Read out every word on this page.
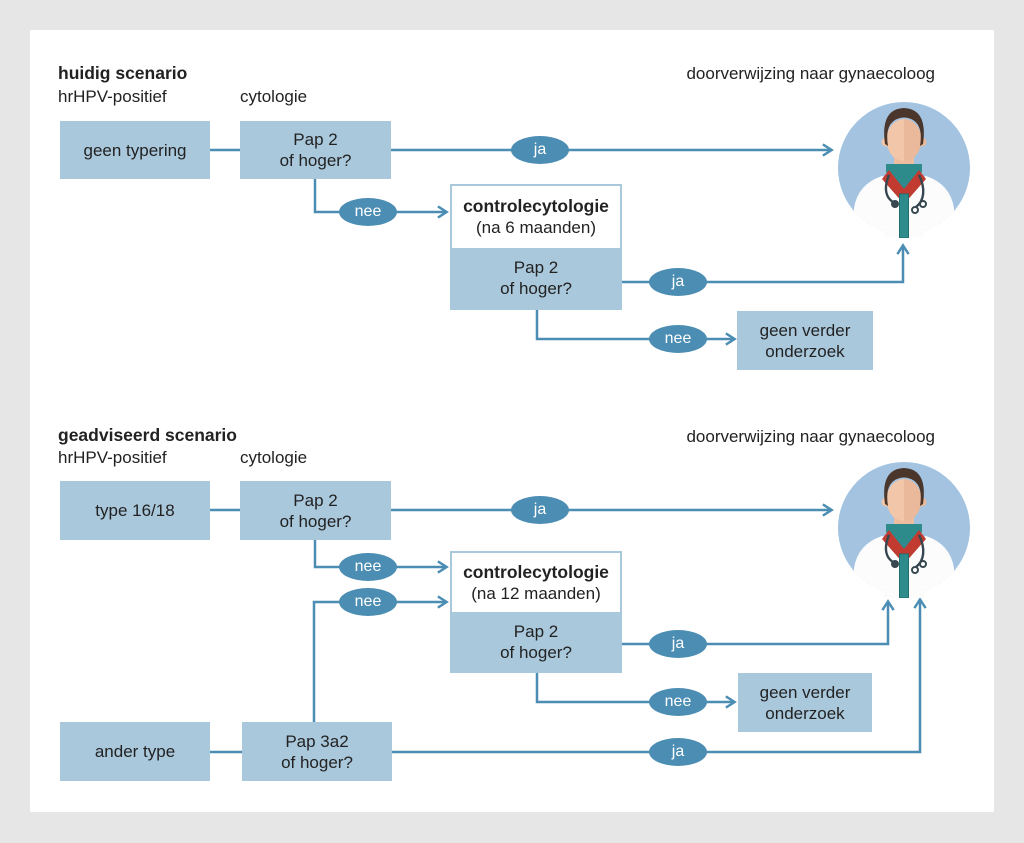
huidig scenario
hrHPV-positief	cytologie
doorverwijzing naar gynaecoloog
geen typering
Pap 2
of hoger?
ja
nee	controlecytologie
(na 6 maanden)
Pap 2
of hoger?	ja
nee	geen verder
onderzoek
geadviseerd scenario
hrHPV-positief	cytologie
doorverwijzing naar gynaecoloog
type 16/18
Pap 2
of hoger?
ja
nee
nee
controlecytologie
(na 12 maanden)
Pap 2
of hoger?	ja
nee	geen verder
onderzoek
ander type
Pap 3a2
of hoger?
ja
